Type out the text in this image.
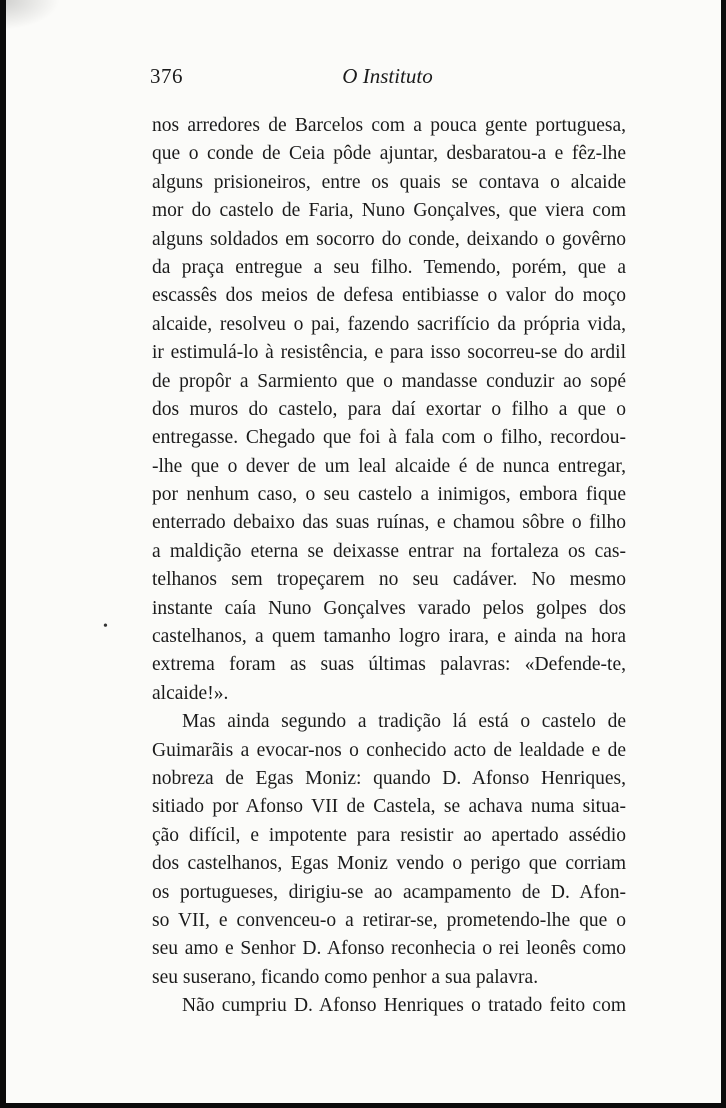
376	O Instituto
•
nos arredores de Barcelos com a pouca gente portuguesa,
que o conde de Ceia pôde ajuntar, desbaratou-a e fêz-lhe
alguns prisioneiros, entre os quais se contava o alcaide
mor do castelo de Faria, Nuno Gonçalves, que viera com
alguns soldados em socorro do conde, deixando o govêrno
da praça entregue a seu filho. Temendo, porém, que a
escassês dos meios de defesa entibiasse o valor do moço
alcaide, resolveu o pai, fazendo sacrifício da própria vida,
ir estimulá-lo à resistência, e para isso socorreu-se do ardil
de propôr a Sarmiento que o mandasse conduzir ao sopé
dos muros do castelo, para daí exortar o filho a que o
entregasse. Chegado que foi à fala com o filho, recordou-
-lhe que o dever de um leal alcaide é de nunca entregar,
por nenhum caso, o seu castelo a inimigos, embora fique
enterrado debaixo das suas ruínas, e chamou sôbre o filho
a maldição eterna se deixasse entrar na fortaleza os cas-
telhanos sem tropeçarem no seu cadáver. No mesmo
instante caía Nuno Gonçalves varado pelos golpes dos
castelhanos, a quem tamanho logro irara, e ainda na hora
extrema foram as suas últimas palavras: «Defende-te,
alcaide!».
Mas ainda segundo a tradição lá está o castelo de
Guimarãis a evocar-nos o conhecido acto de lealdade e de
nobreza de Egas Moniz: quando D. Afonso Henriques,
sitiado por Afonso VII de Castela, se achava numa situa-
ção difícil, e impotente para resistir ao apertado assédio
dos castelhanos, Egas Moniz vendo o perigo que corriam
os portugueses, dirigiu-se ao acampamento de D. Afon-
so VII, e convenceu-o a retirar-se, prometendo-lhe que o
seu amo e Senhor D. Afonso reconhecia o rei leonês como
seu suserano, ficando como penhor a sua palavra.
Não cumpriu D. Afonso Henriques o tratado feito com
